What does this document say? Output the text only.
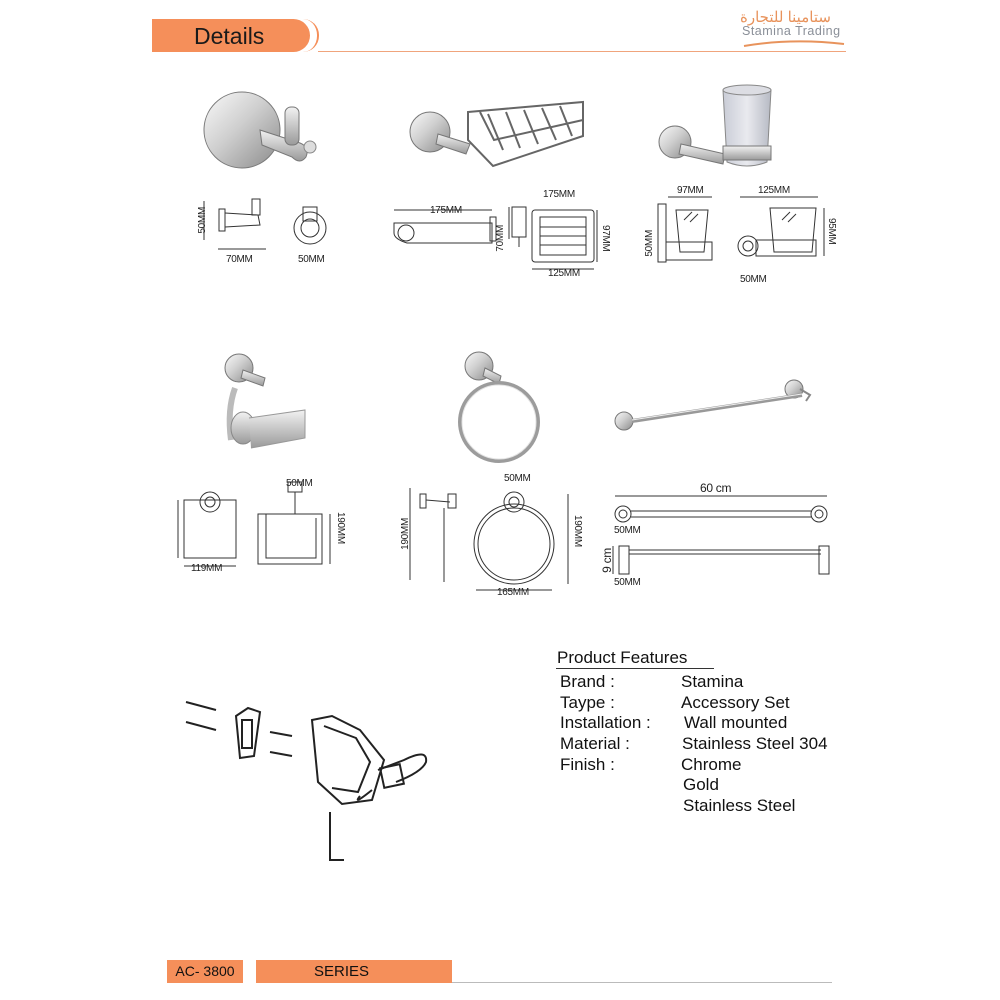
Details
ستامينا للتجارة
Stamina Trading
50MM
70MM	50MM
175MM
175MM
70MM	97MM
125MM
97MM	125MM
50MM	95MM
50MM
119MM
50MM
190MM	190MM
50MM
190MM
165MM
60 cm
50MM
9 cm
50MM
Product Features
Brand :	Stamina
Taype :	Accessory Set
Installation : Wall mounted
Material :	Stainless Steel 304
Finish :	Chrome
Gold
Stainless Steel
AC- 3800	SERIES
